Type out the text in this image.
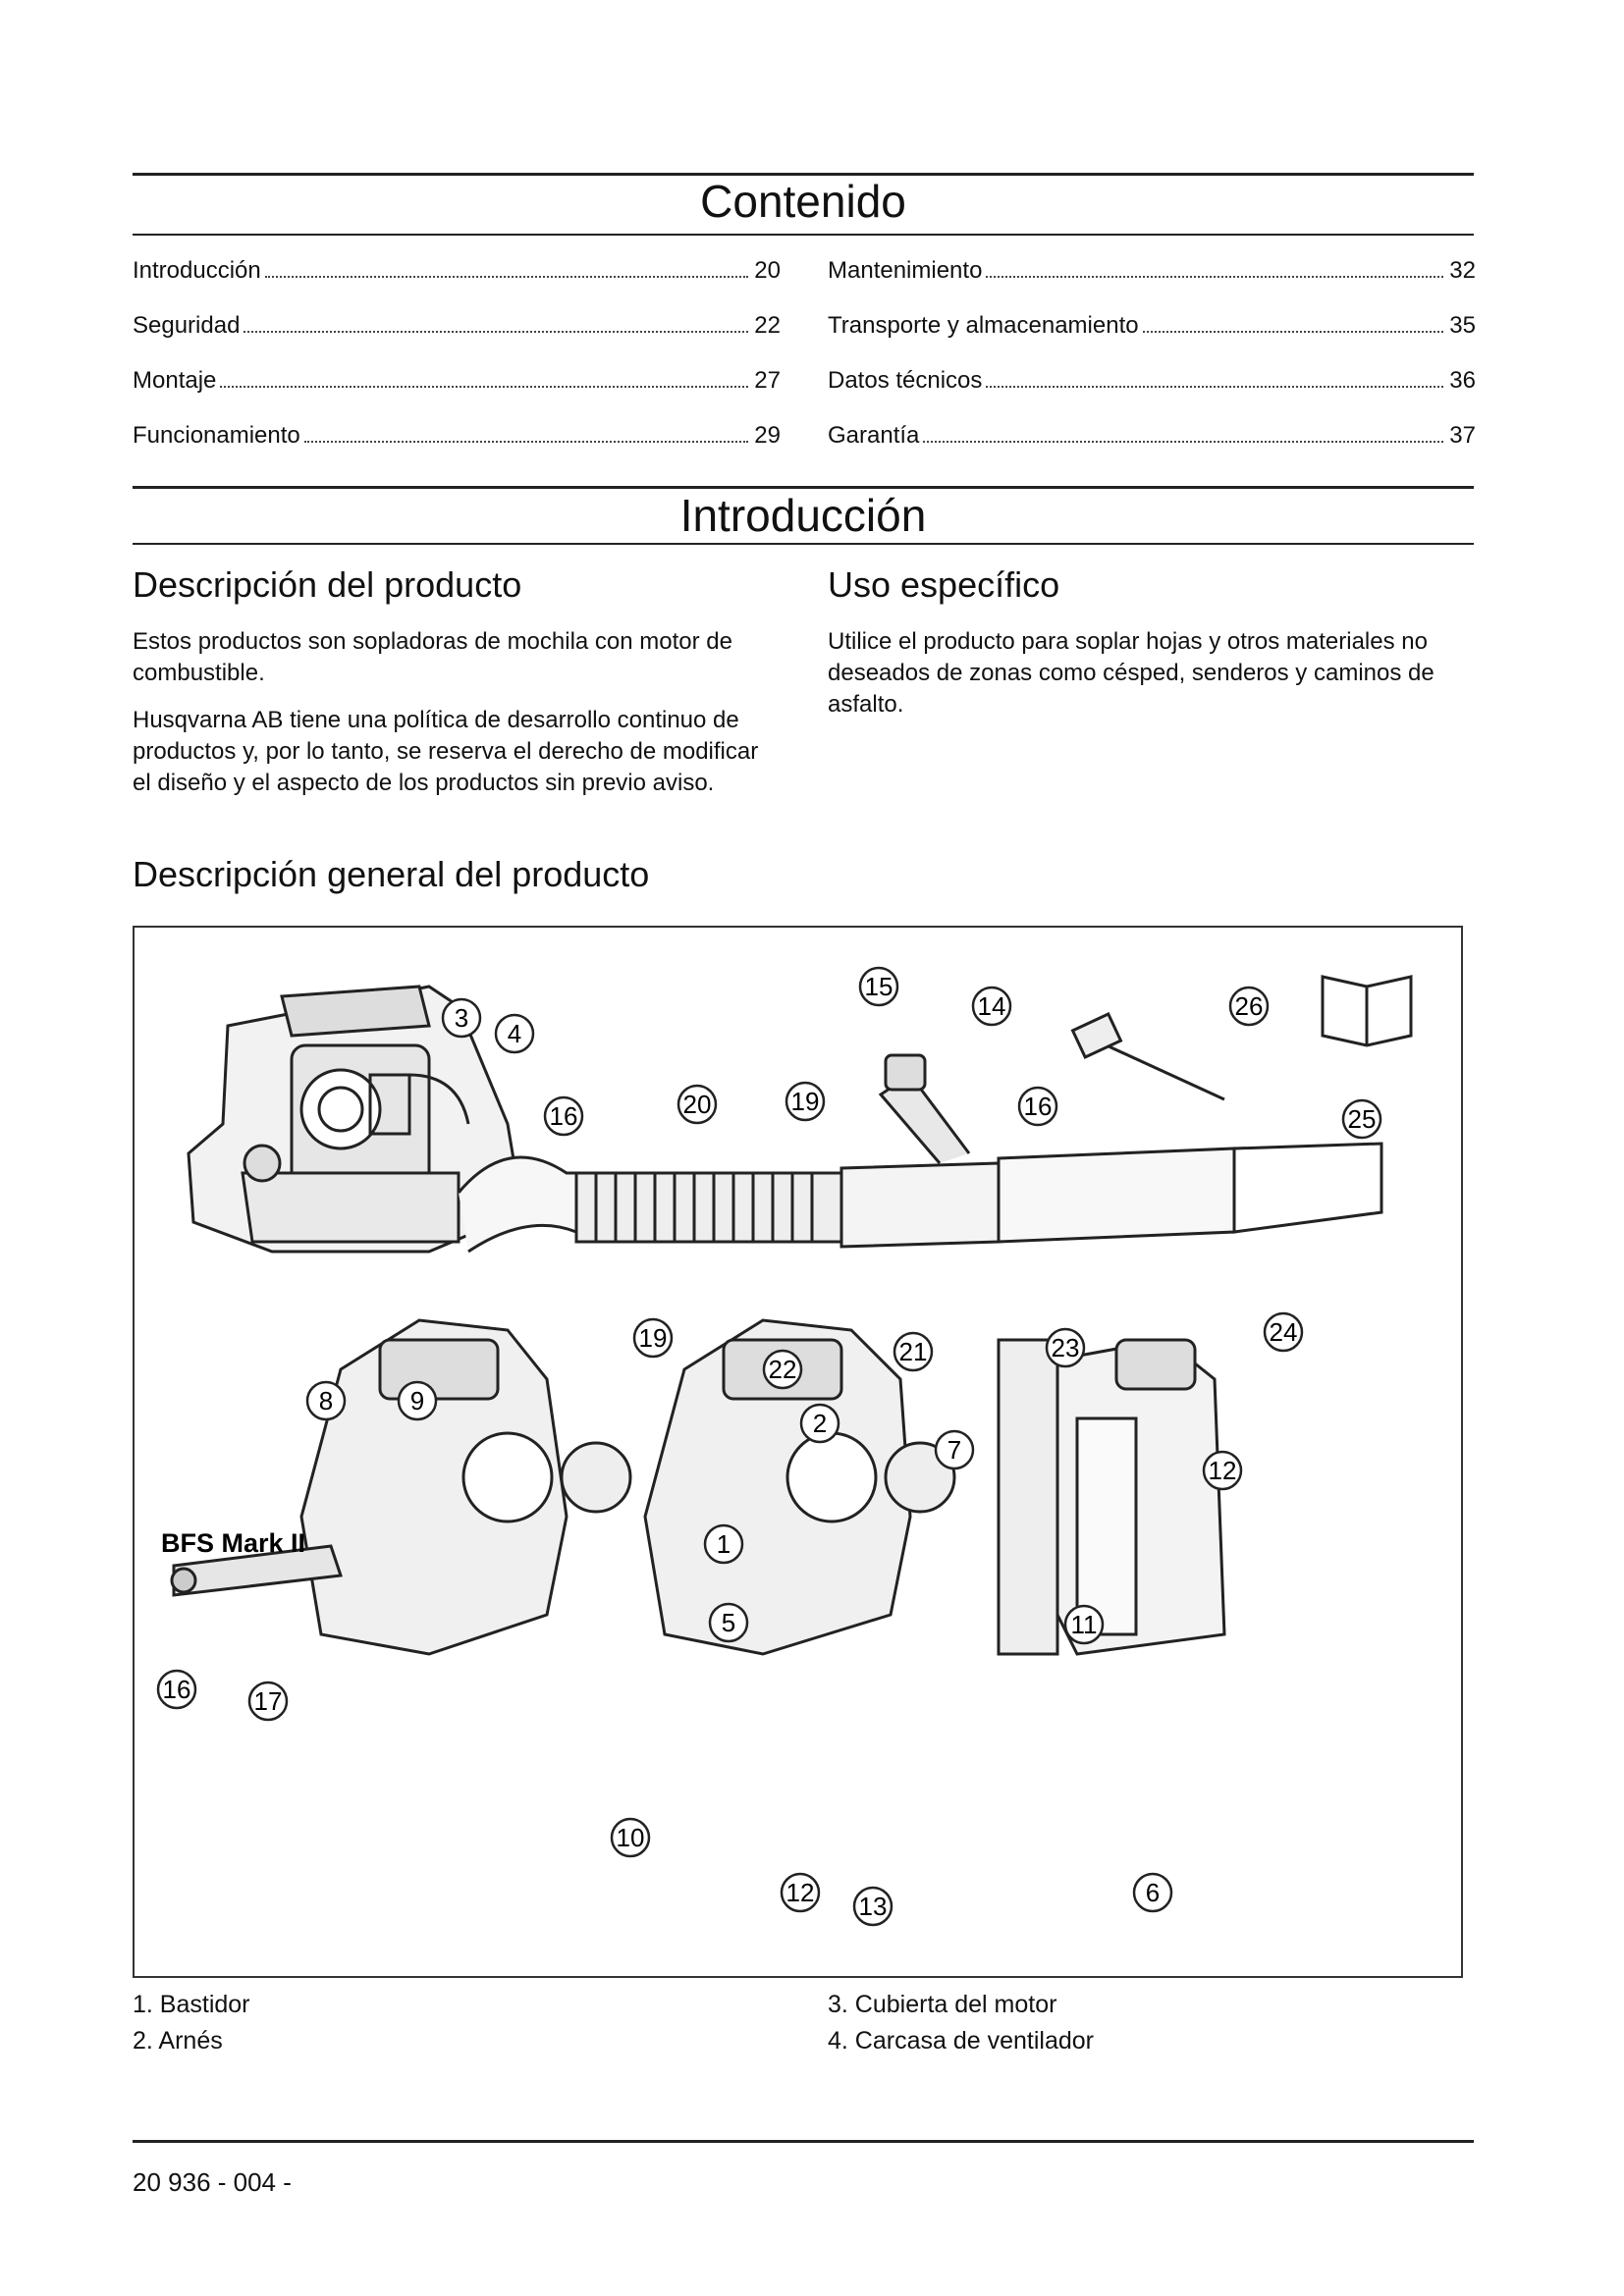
Contenido
Introducción	20
Seguridad	22
Montaje	27
Funcionamiento	29
Mantenimiento	32
Transporte y almacenamiento	35
Datos técnicos	36
Garantía	37
Introducción
Descripción del producto
Estos productos son sopladoras de mochila con motor de combustible.
Husqvarna AB tiene una política de desarrollo continuo de productos y, por lo tanto, se reserva el derecho de modificar el diseño y el aspecto de los productos sin previo aviso.
Uso específico
Utilice el producto para soplar hojas y otros materiales no deseados de zonas como césped, senderos y caminos de asfalto.
Descripción general del producto
3
4
16	20	19
15
14
16
26
25
8	9
19
22
21	23
24
2
7
12
1
5	11
16 17
10
12 13	6
BFS Mark II
1. Bastidor
2. Arnés
3. Cubierta del motor
4. Carcasa de ventilador
20 936 - 004 -
